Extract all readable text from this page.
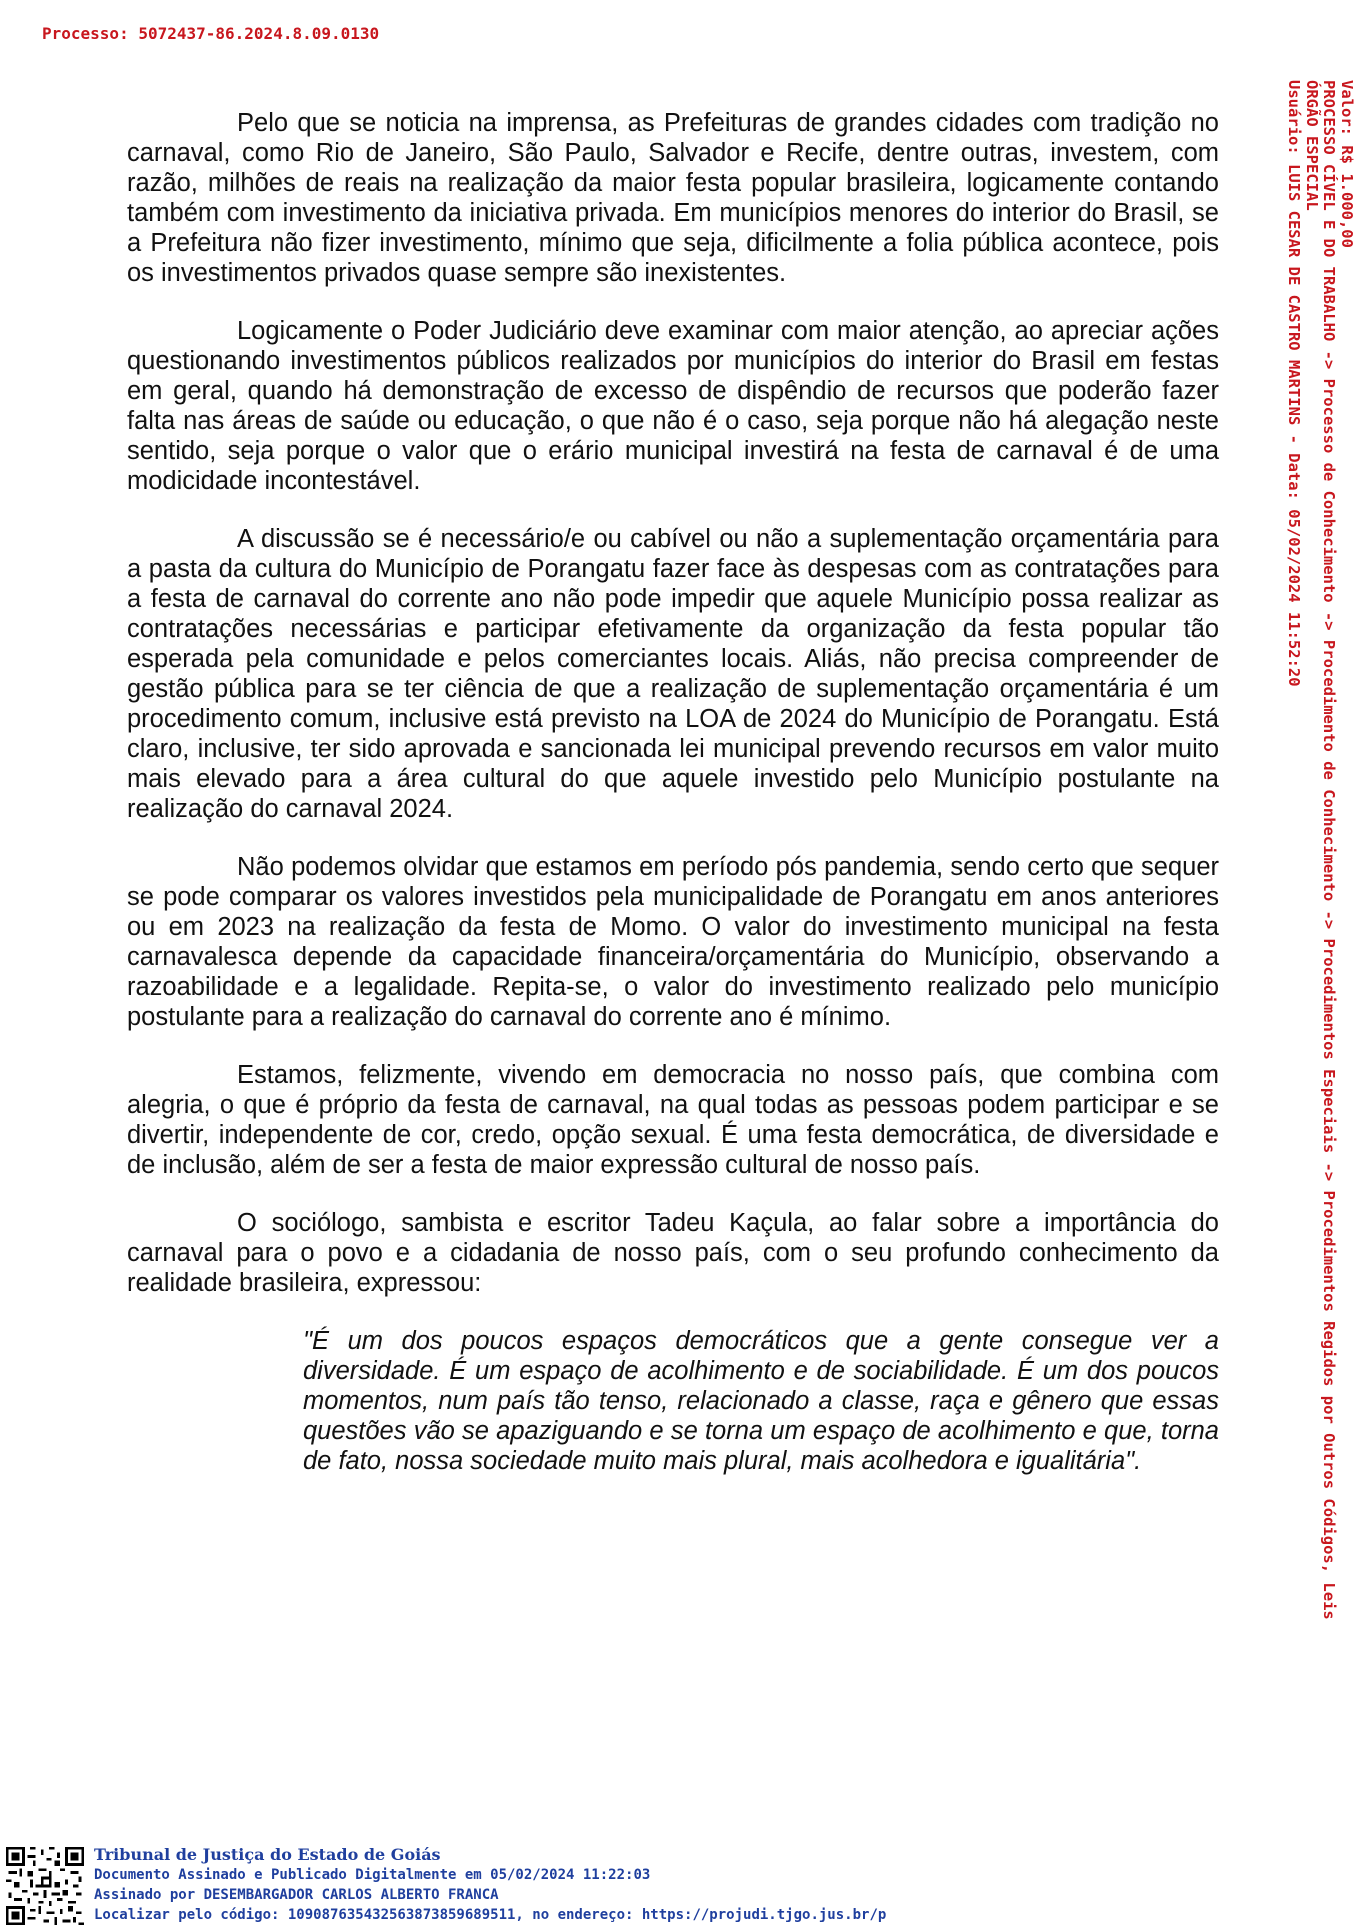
Processo: 5072437-86.2024.8.09.0130

Pelo que se noticia na imprensa, as Prefeituras de grandes cidades com tradição no carnaval, como Rio de Janeiro, São Paulo, Salvador e Recife, dentre outras, investem, com razão, milhões de reais na realização da maior festa popular brasileira, logicamente contando também com investimento da iniciativa privada. Em municípios menores do interior do Brasil, se a Prefeitura não fizer investimento, mínimo que seja, dificilmente a folia pública acontece, pois os investimentos privados quase sempre são inexistentes.

Logicamente o Poder Judiciário deve examinar com maior atenção, ao apreciar ações questionando investimentos públicos realizados por municípios do interior do Brasil em festas em geral, quando há demonstração de excesso de dispêndio de recursos que poderão fazer falta nas áreas de saúde ou educação, o que não é o caso, seja porque não há alegação neste sentido, seja porque o valor que o erário municipal investirá na festa de carnaval é de uma modicidade incontestável.

A discussão se é necessário/e ou cabível ou não a suplementação orçamentária para a pasta da cultura do Município de Porangatu fazer face às despesas com as contratações para a festa de carnaval do corrente ano não pode impedir que aquele Município possa realizar as contratações necessárias e participar efetivamente da organização da festa popular tão esperada pela comunidade e pelos comerciantes locais. Aliás, não precisa compreender de gestão pública para se ter ciência de que a realização de suplementação orçamentária é um procedimento comum, inclusive está previsto na LOA de 2024 do Município de Porangatu. Está claro, inclusive, ter sido aprovada e sancionada lei municipal prevendo recursos em valor muito mais elevado para a área cultural do que aquele investido pelo Município postulante na realização do carnaval 2024.

Não podemos olvidar que estamos em período pós pandemia, sendo certo que sequer se pode comparar os valores investidos pela municipalidade de Porangatu em anos anteriores ou em 2023 na realização da festa de Momo. O valor do investimento municipal na festa carnavalesca depende da capacidade financeira/orçamentária do Município, observando a razoabilidade e a legalidade. Repita-se, o valor do investimento realizado pelo município postulante para a realização do carnaval do corrente ano é mínimo.

Estamos, felizmente, vivendo em democracia no nosso país, que combina com alegria, o que é próprio da festa de carnaval, na qual todas as pessoas podem participar e se divertir, independente de cor, credo, opção sexual. É uma festa democrática, de diversidade e de inclusão, além de ser a festa de maior expressão cultural de nosso país.

O sociólogo, sambista e escritor Tadeu Kaçula, ao falar sobre a importância do carnaval para o povo e a cidadania de nosso país, com o seu profundo conhecimento da realidade brasileira, expressou:

"É um dos poucos espaços democráticos que a gente consegue ver a diversidade. É um espaço de acolhimento e de sociabilidade. É um dos poucos momentos, num país tão tenso, relacionado a classe, raça e gênero que essas questões vão se apaziguando e se torna um espaço de acolhimento e que, torna de fato, nossa sociedade muito mais plural, mais acolhedora e igualitária".

Valor: R$ 1.000,00
PROCESSO CÍVEL E DO TRABALHO -> Processo de Conhecimento -> Procedimento de Conhecimento -> Procedimentos Especiais -> Procedimentos Regidos por Outros Códigos, Leis
ÓRGÃO ESPECIAL
Usuário: LUIS CESAR DE CASTRO MARTINS - Data: 05/02/2024 11:52:20
Tribunal de Justiça do Estado de Goiás
Documento Assinado e Publicado Digitalmente em 05/02/2024 11:22:03
Assinado por DESEMBARGADOR CARLOS ALBERTO FRANCA
Localizar pelo código: 109087635432563873859689511, no endereço: https://projudi.tjgo.jus.br/p
